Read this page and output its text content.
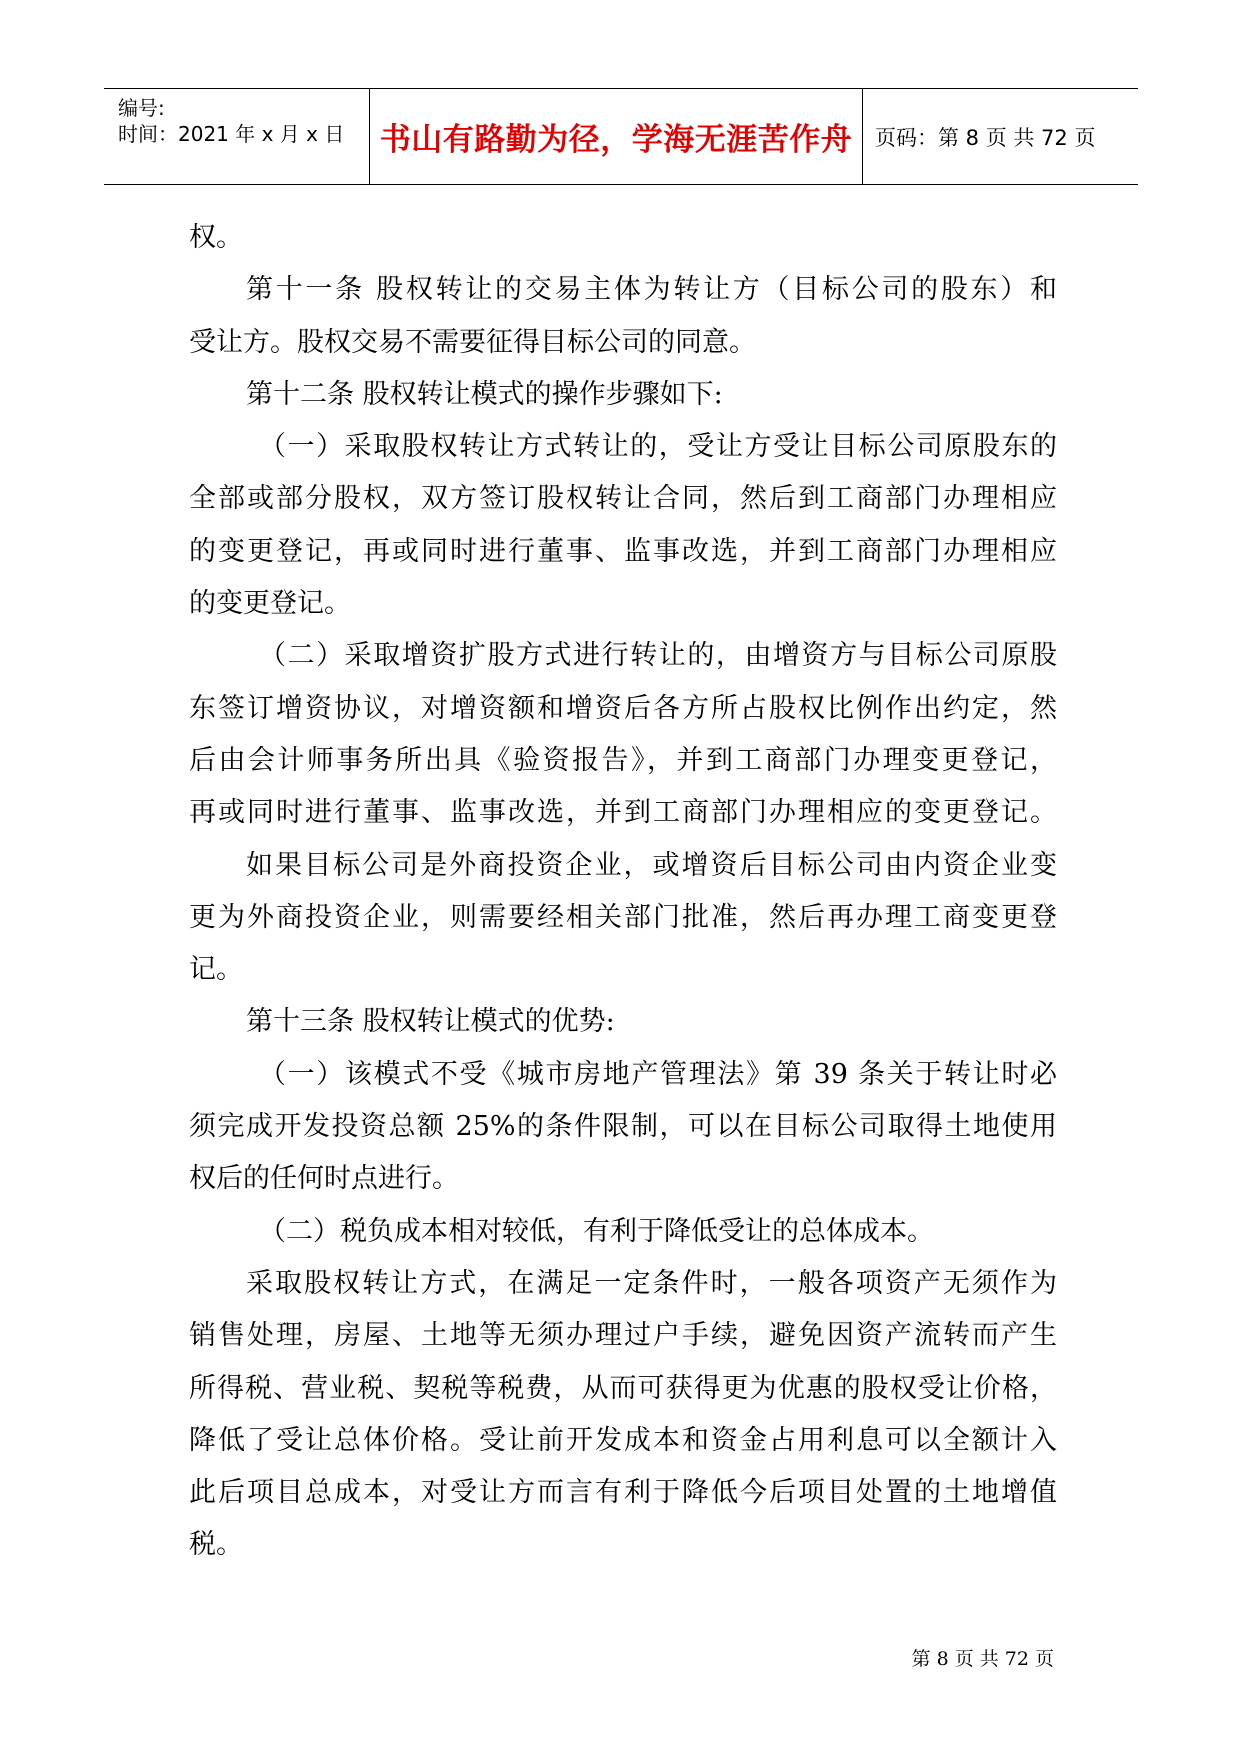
编号:
时间：2021 年 x 月 x 日 书山有路勤为径，学海无涯苦作舟 页码：第 8 页 共 72 页
权。
第十一条 股权转让的交易主体为转让方（目标公司的股东）和
受让方。股权交易不需要征得目标公司的同意。
第十二条 股权转让模式的操作步骤如下:
（一）采取股权转让方式转让的，受让方受让目标公司原股东的
全部或部分股权，双方签订股权转让合同，然后到工商部门办理相应
的变更登记，再或同时进行董事、监事改选，并到工商部门办理相应
的变更登记。
（二）采取增资扩股方式进行转让的，由增资方与目标公司原股
东签订增资协议，对增资额和增资后各方所占股权比例作出约定，然
后由会计师事务所出具《验资报告》，并到工商部门办理变更登记，
再或同时进行董事、监事改选，并到工商部门办理相应的变更登记。
如果目标公司是外商投资企业，或增资后目标公司由内资企业变
更为外商投资企业，则需要经相关部门批准，然后再办理工商变更登
记。
第十三条 股权转让模式的优势:
（一）该模式不受《城市房地产管理法》第 39 条关于转让时必
须完成开发投资总额 25%的条件限制，可以在目标公司取得土地使用
权后的任何时点进行。
（二）税负成本相对较低，有利于降低受让的总体成本。
采取股权转让方式，在满足一定条件时，一般各项资产无须作为
销售处理，房屋、土地等无须办理过户手续，避免因资产流转而产生
所得税、营业税、契税等税费，从而可获得更为优惠的股权受让价格，
降低了受让总体价格。受让前开发成本和资金占用利息可以全额计入
此后项目总成本，对受让方而言有利于降低今后项目处置的土地增值
税。
第 8 页 共 72 页
